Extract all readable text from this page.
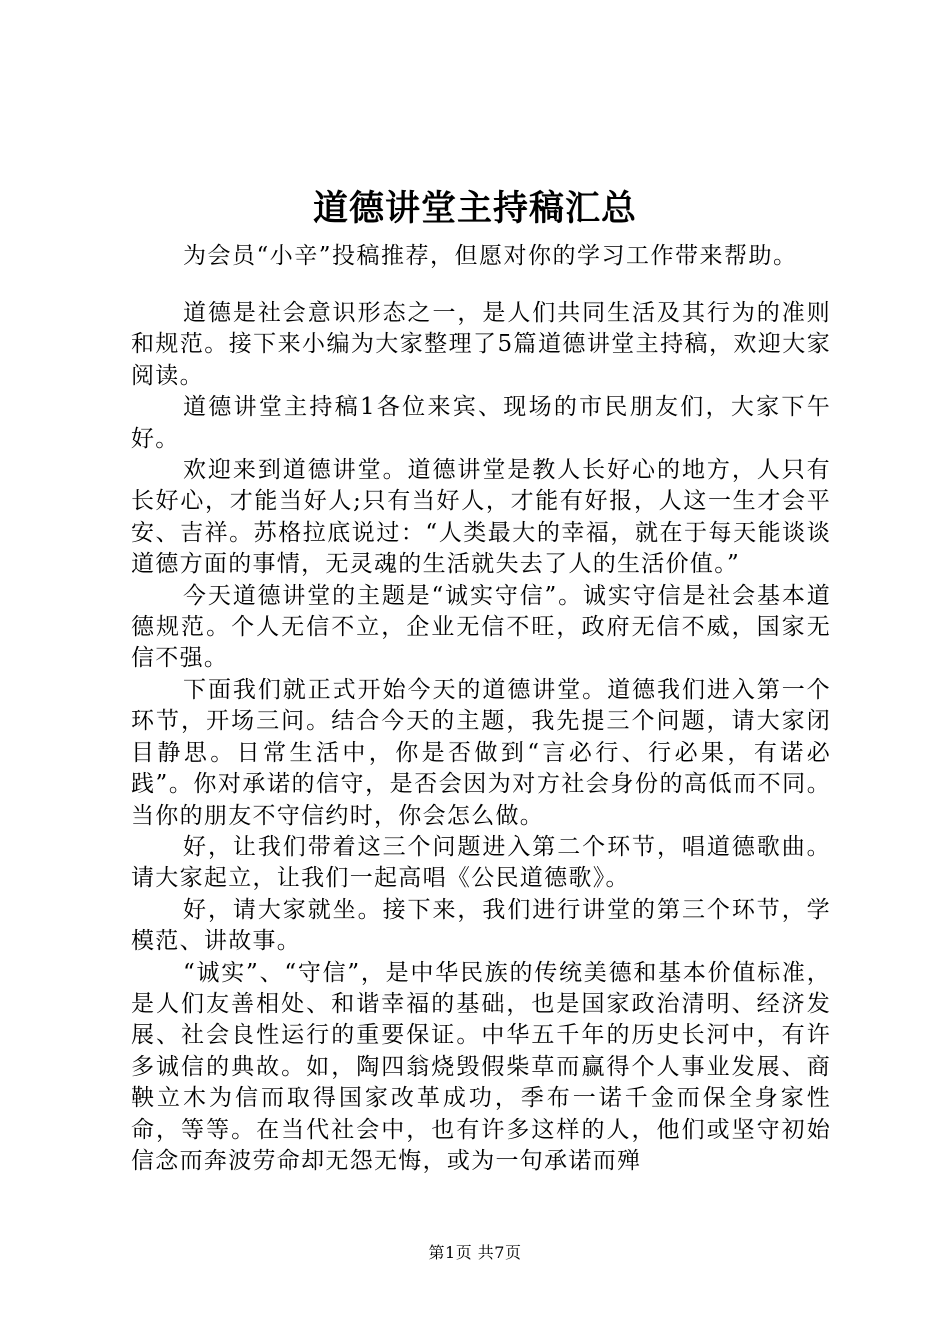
道德讲堂主持稿汇总

为会员“小辛”投稿推荐，但愿对你的学习工作带来帮助。

道德是社会意识形态之一，是人们共同生活及其行为的准则和规范。接下来小编为大家整理了5篇道德讲堂主持稿，欢迎大家阅读。

道德讲堂主持稿1各位来宾、现场的市民朋友们，大家下午好。

欢迎来到道德讲堂。道德讲堂是教人长好心的地方，人只有长好心，才能当好人;只有当好人，才能有好报，人这一生才会平安、吉祥。苏格拉底说过：“人类最大的幸福，就在于每天能谈谈道德方面的事情，无灵魂的生活就失去了人的生活价值。”

今天道德讲堂的主题是“诚实守信”。诚实守信是社会基本道德规范。个人无信不立，企业无信不旺，政府无信不威，国家无信不强。

下面我们就正式开始今天的道德讲堂。道德我们进入第一个环节，开场三问。结合今天的主题，我先提三个问题，请大家闭目静思。日常生活中，你是否做到“言必行、行必果，有诺必践”。你对承诺的信守，是否会因为对方社会身份的高低而不同。当你的朋友不守信约时，你会怎么做。

好，让我们带着这三个问题进入第二个环节，唱道德歌曲。请大家起立，让我们一起高唱《公民道德歌》。

好，请大家就坐。接下来，我们进行讲堂的第三个环节，学模范、讲故事。

“诚实”、“守信”，是中华民族的传统美德和基本价值标准，是人们友善相处、和谐幸福的基础，也是国家政治清明、经济发展、社会良性运行的重要保证。中华五千年的历史长河中，有许多诚信的典故。如，陶四翁烧毁假柴草而赢得个人事业发展、商鞅立木为信而取得国家改革成功，季布一诺千金而保全身家性命，等等。在当代社会中，也有许多这样的人，他们或坚守初始信念而奔波劳命却无怨无悔，或为一句承诺而殚

第1页 共7页
